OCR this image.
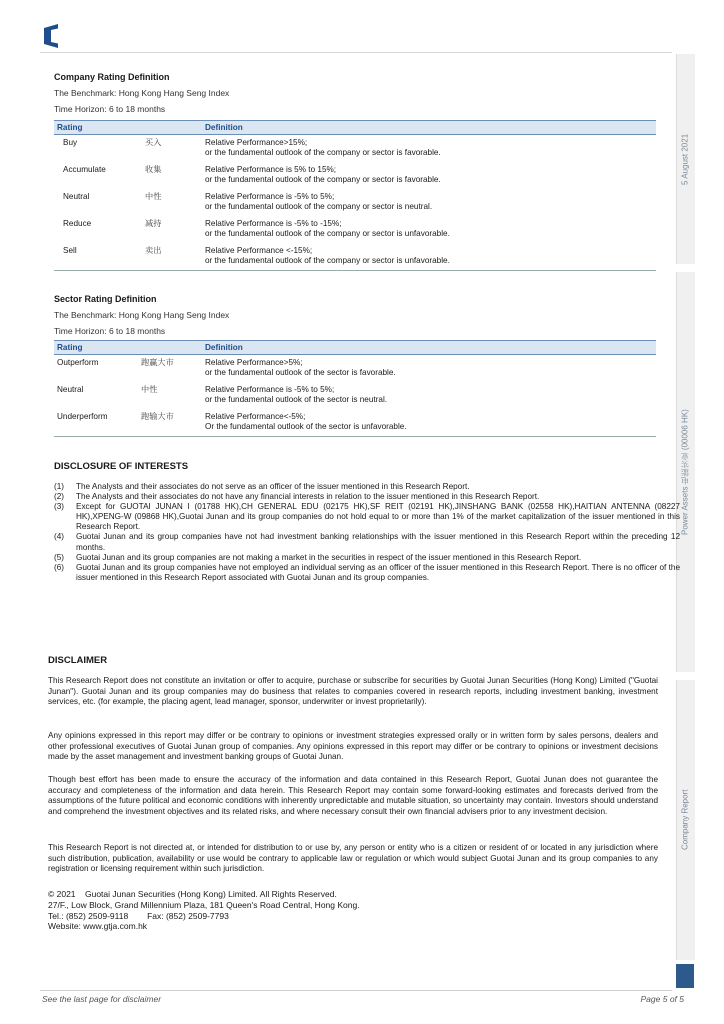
5 August 2021
Power Assets 电能实业 (00006 HK)
Company Report
Company Rating Definition
The Benchmark: Hong Kong Hang Seng Index
Time Horizon: 6 to 18 months
Rating	Definition
Buy 买入	Relative Performance>15%;
or the fundamental outlook of the company or sector is favorable.

Accumulate 收集	Relative Performance is 5% to 15%;
or the fundamental outlook of the company or sector is favorable.

Neutral 中性	Relative Performance is -5% to 5%;
or the fundamental outlook of the company or sector is neutral.

Reduce 减持	Relative Performance is -5% to -15%;
or the fundamental outlook of the company or sector is unfavorable.

Sell 卖出	Relative Performance <-15%;
or the fundamental outlook of the company or sector is unfavorable.
Sector Rating Definition
The Benchmark: Hong Kong Hang Seng Index
Time Horizon: 6 to 18 months
Rating	Definition
Outperform 跑赢大市	Relative Performance>5%;
or the fundamental outlook of the sector is favorable.

Neutral 中性	Relative Performance is -5% to 5%;
or the fundamental outlook of the sector is neutral.

Underperform 跑输大市	Relative Performance<-5%;
Or the fundamental outlook of the sector is unfavorable.
DISCLOSURE OF INTERESTS
(1) The Analysts and their associates do not serve as an officer of the issuer mentioned in this Research Report.
(2) The Analysts and their associates do not have any financial interests in relation to the issuer mentioned in this Research Report.
(3) Except for GUOTAI JUNAN I (01788 HK),CH GENERAL EDU (02175 HK),SF REIT (02191 HK),JINSHANG BANK (02558 HK),HAITIAN ANTENNA (08227 HK),XPENG-W (09868 HK),Guotai Junan and its group companies do not hold equal to or more than 1% of the market capitalization of the issuer mentioned in this Research Report.
(4) Guotai Junan and its group companies have not had investment banking relationships with the issuer mentioned in this Research Report within the preceding 12 months.
(5) Guotai Junan and its group companies are not making a market in the securities in respect of the issuer mentioned in this Research Report.
(6) Guotai Junan and its group companies have not employed an individual serving as an officer of the issuer mentioned in this Research Report. There is no officer of the issuer mentioned in this Research Report associated with Guotai Junan and its group companies.
DISCLAIMER

This Research Report does not constitute an invitation or offer to acquire, purchase or subscribe for securities by Guotai Junan Securities (Hong Kong) Limited ("Guotai Junan"). Guotai Junan and its group companies may do business that relates to companies covered in research reports, including investment banking, investment services, etc. (for example, the placing agent, lead manager, sponsor, underwriter or invest proprietarily).

Any opinions expressed in this report may differ or be contrary to opinions or investment strategies expressed orally or in written form by sales persons, dealers and other professional executives of Guotai Junan group of companies. Any opinions expressed in this report may differ or be contrary to opinions or investment decisions made by the asset management and investment banking groups of Guotai Junan.

Though best effort has been made to ensure the accuracy of the information and data contained in this Research Report, Guotai Junan does not guarantee the accuracy and completeness of the information and data herein. This Research Report may contain some forward-looking estimates and forecasts derived from the assumptions of the future political and economic conditions with inherently unpredictable and mutable situation, so uncertainty may contain. Investors should understand and comprehend the investment objectives and its related risks, and where necessary consult their own financial advisers prior to any investment decision.

This Research Report is not directed at, or intended for distribution to or use by, any person or entity who is a citizen or resident of or located in any jurisdiction where such distribution, publication, availability or use would be contrary to applicable law or regulation or which would subject Guotai Junan and its group companies to any registration or licensing requirement within such jurisdiction.

© 2021    Guotai Junan Securities (Hong Kong) Limited. All Rights Reserved.
27/F., Low Block, Grand Millennium Plaza, 181 Queen's Road Central, Hong Kong.
Tel.: (852) 2509-9118        Fax: (852) 2509-7793
Website: www.gtja.com.hk
See the last page for disclaimer	Page 5 of 5
